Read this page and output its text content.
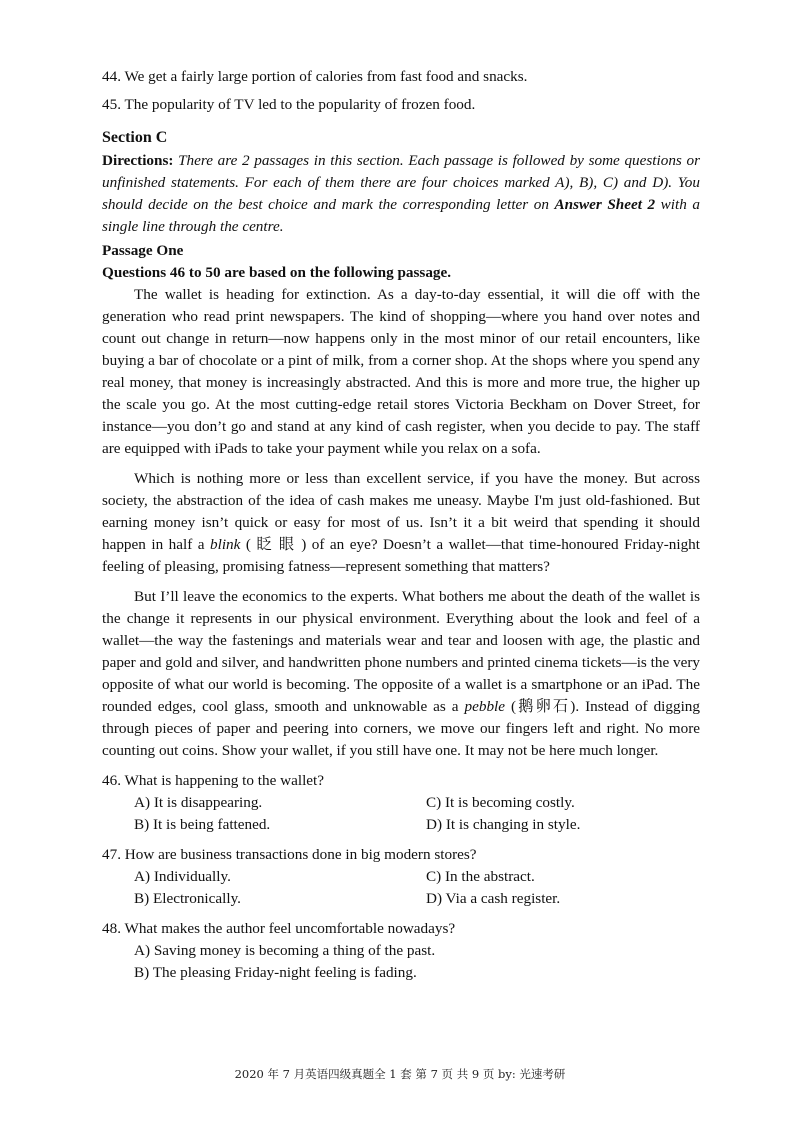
44. We get a fairly large portion of calories from fast food and snacks.

45. The popularity of TV led to the popularity of frozen food.

Section C

Directions: There are 2 passages in this section. Each passage is followed by some questions or unfinished statements. For each of them there are four choices marked A), B), C) and D). You should decide on the best choice and mark the corresponding letter on Answer Sheet 2 with a single line through the centre.

Passage One

Questions 46 to 50 are based on the following passage.

The wallet is heading for extinction. As a day-to-day essential, it will die off with the generation who read print newspapers. The kind of shopping—where you hand over notes and count out change in return—now happens only in the most minor of our retail encounters, like buying a bar of chocolate or a pint of milk, from a corner shop. At the shops where you spend any real money, that money is increasingly abstracted. And this is more and more true, the higher up the scale you go. At the most cutting-edge retail stores Victoria Beckham on Dover Street, for instance—you don’t go and stand at any kind of cash register, when you decide to pay. The staff are equipped with iPads to take your payment while you relax on a sofa.

Which is nothing more or less than excellent service, if you have the money. But across society, the abstraction of the idea of cash makes me uneasy. Maybe I'm just old-fashioned. But earning money isn’t quick or easy for most of us. Isn’t it a bit weird that spending it should happen in half a blink ( 眨 眼 ) of an eye? Doesn’t a wallet—that time-honoured Friday-night feeling of pleasing, promising fatness—represent something that matters?

But I’ll leave the economics to the experts. What bothers me about the death of the wallet is the change it represents in our physical environment. Everything about the look and feel of a wallet—the way the fastenings and materials wear and tear and loosen with age, the plastic and paper and gold and silver, and handwritten phone numbers and printed cinema tickets—is the very opposite of what our world is becoming. The opposite of a wallet is a smartphone or an iPad. The rounded edges, cool glass, smooth and unknowable as a pebble (鹅卵石). Instead of digging through pieces of paper and peering into corners, we move our fingers left and right. No more counting out coins. Show your wallet, if you still have one. It may not be here much longer.

46. What is happening to the wallet?

A) It is disappearing.	C) It is becoming costly.
B) It is being fattened.	D) It is changing in style.

47. How are business transactions done in big modern stores?

A) Individually.	C) In the abstract.
B) Electronically.	D) Via a cash register.

48. What makes the author feel uncomfortable nowadays?

A) Saving money is becoming a thing of the past.
B) The pleasing Friday-night feeling is fading.
2020 年 7 月英语四级真题全 1 套 第 7 页 共 9 页 by: 光速考研
